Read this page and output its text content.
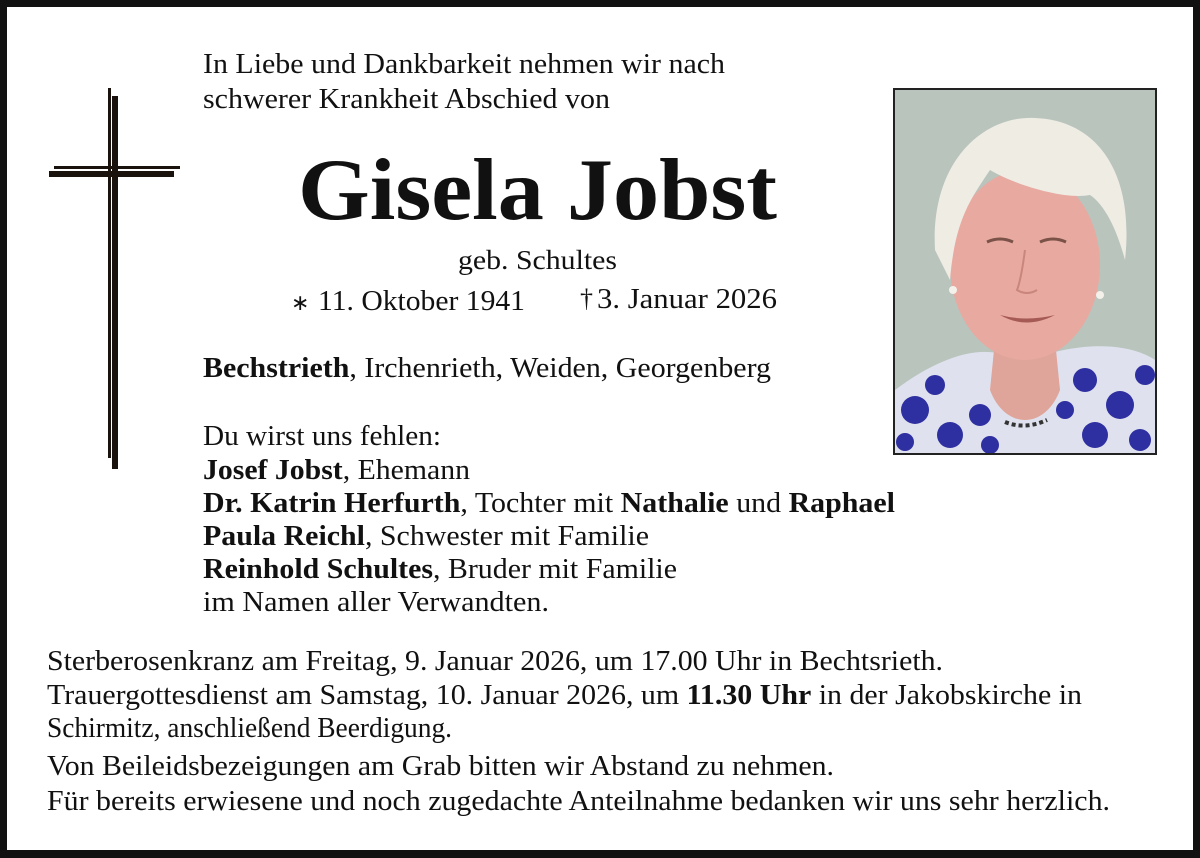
In Liebe und Dankbarkeit nehmen wir nach
schwerer Krankheit Abschied von
Gisela Jobst
geb. Schultes
∗ 11. Oktober 1941 † 3. Januar 2026
Bechstrieth, Irchenrieth, Weiden, Georgenberg
Du wirst uns fehlen:
Josef Jobst, Ehemann
Dr. Katrin Herfurth, Tochter mit Nathalie und Raphael
Paula Reichl, Schwester mit Familie
Reinhold Schultes, Bruder mit Familie
im Namen aller Verwandten.
Sterberosenkranz am Freitag, 9. Januar 2026, um 17.00 Uhr in Bechtsrieth.
Trauergottesdienst am Samstag, 10. Januar 2026, um 11.30 Uhr in der Jakobskirche in
Schirmitz, anschließend Beerdigung.
Von Beileidsbezeigungen am Grab bitten wir Abstand zu nehmen.
Für bereits erwiesene und noch zugedachte Anteilnahme bedanken wir uns sehr herzlich.
